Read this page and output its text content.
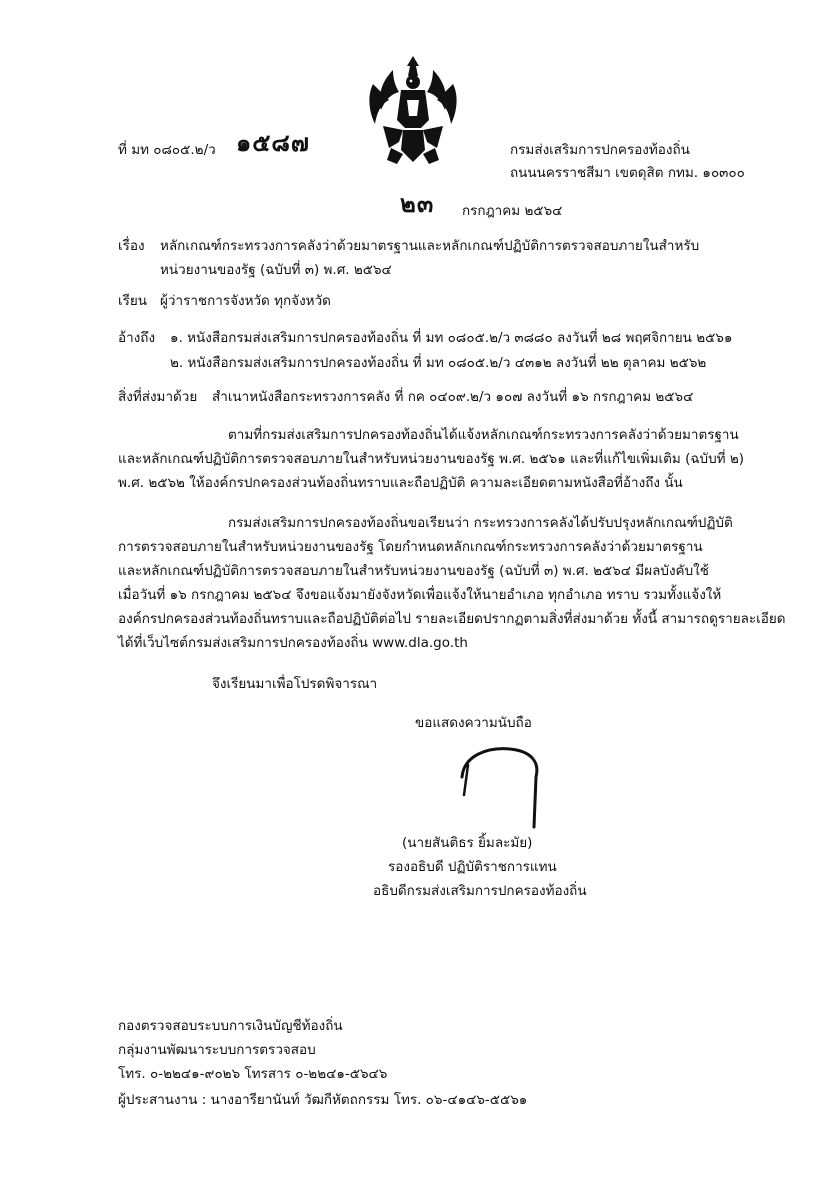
ที่ มท ๐๘๐๕.๒/ว ๑๕๘๗	กรมส่งเสริมการปกครองท้องถิ่น
ถนนนครราชสีมา เขตดุสิต กทม. ๑๐๓๐๐
๒๓ กรกฎาคม ๒๕๖๔
เรื่อง หลักเกณฑ์กระทรวงการคลังว่าด้วยมาตรฐานและหลักเกณฑ์ปฏิบัติการตรวจสอบภายในสำหรับ
หน่วยงานของรัฐ (ฉบับที่ ๓) พ.ศ. ๒๕๖๔
เรียน ผู้ว่าราชการจังหวัด ทุกจังหวัด
อ้างถึง ๑. หนังสือกรมส่งเสริมการปกครองท้องถิ่น ที่ มท ๐๘๐๕.๒/ว ๓๘๘๐ ลงวันที่ ๒๘ พฤศจิกายน ๒๕๖๑
๒. หนังสือกรมส่งเสริมการปกครองท้องถิ่น ที่ มท ๐๘๐๕.๒/ว ๔๓๑๒ ลงวันที่ ๒๒ ตุลาคม ๒๕๖๒
สิ่งที่ส่งมาด้วย สำเนาหนังสือกระทรวงการคลัง ที่ กค ๐๔๐๙.๒/ว ๑๐๗ ลงวันที่ ๑๖ กรกฎาคม ๒๕๖๔
ตามที่กรมส่งเสริมการปกครองท้องถิ่นได้แจ้งหลักเกณฑ์กระทรวงการคลังว่าด้วยมาตรฐาน
และหลักเกณฑ์ปฏิบัติการตรวจสอบภายในสำหรับหน่วยงานของรัฐ พ.ศ. ๒๕๖๑ และที่แก้ไขเพิ่มเติม (ฉบับที่ ๒)
พ.ศ. ๒๕๖๒ ให้องค์กรปกครองส่วนท้องถิ่นทราบและถือปฏิบัติ ความละเอียดตามหนังสือที่อ้างถึง นั้น
กรมส่งเสริมการปกครองท้องถิ่นขอเรียนว่า กระทรวงการคลังได้ปรับปรุงหลักเกณฑ์ปฏิบัติ
การตรวจสอบภายในสำหรับหน่วยงานของรัฐ โดยกำหนดหลักเกณฑ์กระทรวงการคลังว่าด้วยมาตรฐาน
และหลักเกณฑ์ปฏิบัติการตรวจสอบภายในสำหรับหน่วยงานของรัฐ (ฉบับที่ ๓) พ.ศ. ๒๕๖๔ มีผลบังคับใช้
เมื่อวันที่ ๑๖ กรกฎาคม ๒๕๖๔ จึงขอแจ้งมายังจังหวัดเพื่อแจ้งให้นายอำเภอ ทุกอำเภอ ทราบ รวมทั้งแจ้งให้
องค์กรปกครองส่วนท้องถิ่นทราบและถือปฏิบัติต่อไป รายละเอียดปรากฏตามสิ่งที่ส่งมาด้วย ทั้งนี้ สามารถดูรายละเอียด
ได้ที่เว็บไซต์กรมส่งเสริมการปกครองท้องถิ่น www.dla.go.th
จึงเรียนมาเพื่อโปรดพิจารณา
ขอแสดงความนับถือ
(นายสันติธร ยิ้มละมัย)
รองอธิบดี ปฏิบัติราชการแทน
อธิบดีกรมส่งเสริมการปกครองท้องถิ่น
กองตรวจสอบระบบการเงินบัญชีท้องถิ่น
กลุ่มงานพัฒนาระบบการตรวจสอบ
โทร. ๐-๒๒๔๑-๙๐๒๖ โทรสาร ๐-๒๒๔๑-๕๖๔๖
ผู้ประสานงาน : นางอารียานันท์ วัฒกีหัตถกรรม โทร. ๐๖-๔๑๔๖-๕๕๖๑
